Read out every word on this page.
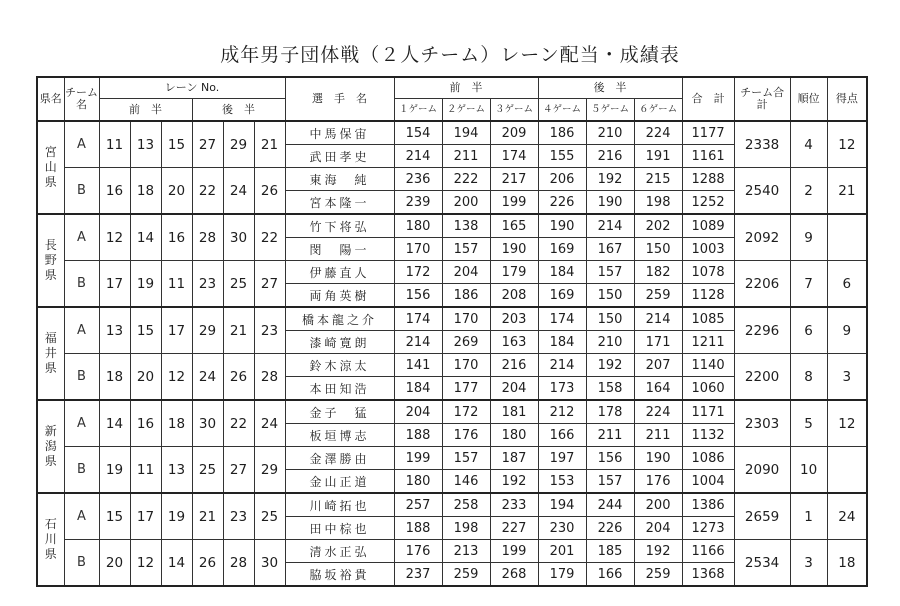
成年男子団体戦（２人チーム）レーン配当・成績表
県名	チーム名	レーン No.						選　手　名	前　半			後　半			合　計	チーム合　計	順位	得点
		前　半			後　半				１ゲーム	２ゲーム	３ゲーム	４ゲーム	５ゲーム	６ゲーム				

宮
山
県	A	11	13	15	27	29	21	中馬保宙	154	194	209	186	210	224	1177	2338	4	12
								武田孝史	214	211	174	155	216	191	1161			
	B	16	18	20	22	24	26	東海　純	236	222	217	206	192	215	1288	2540	2	21
								宮本隆一	239	200	199	226	190	198	1252			

長
野
県	A	12	14	16	28	30	22	竹下将弘	180	138	165	190	214	202	1089	2092	9	
								閔　陽一	170	157	190	169	167	150	1003			
	B	17	19	11	23	25	27	伊藤直人	172	204	179	184	157	182	1078	2206	7	6
								両角英樹	156	186	208	169	150	259	1128			

福
井
県	A	13	15	17	29	21	23	橋本龍之介	174	170	203	174	150	214	1085	2296	6	9
								漆崎寛朗	214	269	163	184	210	171	1211			
	B	18	20	12	24	26	28	鈴木涼太	141	170	216	214	192	207	1140	2200	8	3
								本田知浩	184	177	204	173	158	164	1060			

新
潟
県	A	14	16	18	30	22	24	金子　猛	204	172	181	212	178	224	1171	2303	5	12
								板垣博志	188	176	180	166	211	211	1132			
	B	19	11	13	25	27	29	金澤勝由	199	157	187	197	156	190	1086	2090	10	
								金山正道	180	146	192	153	157	176	1004			

石
川
県	A	15	17	19	21	23	25	川崎拓也	257	258	233	194	244	200	1386	2659	1	24
								田中棕也	188	198	227	230	226	204	1273			
	B	20	12	14	26	28	30	清水正弘	176	213	199	201	185	192	1166	2534	3	18
								脇坂裕貴	237	259	268	179	166	259	1368			
